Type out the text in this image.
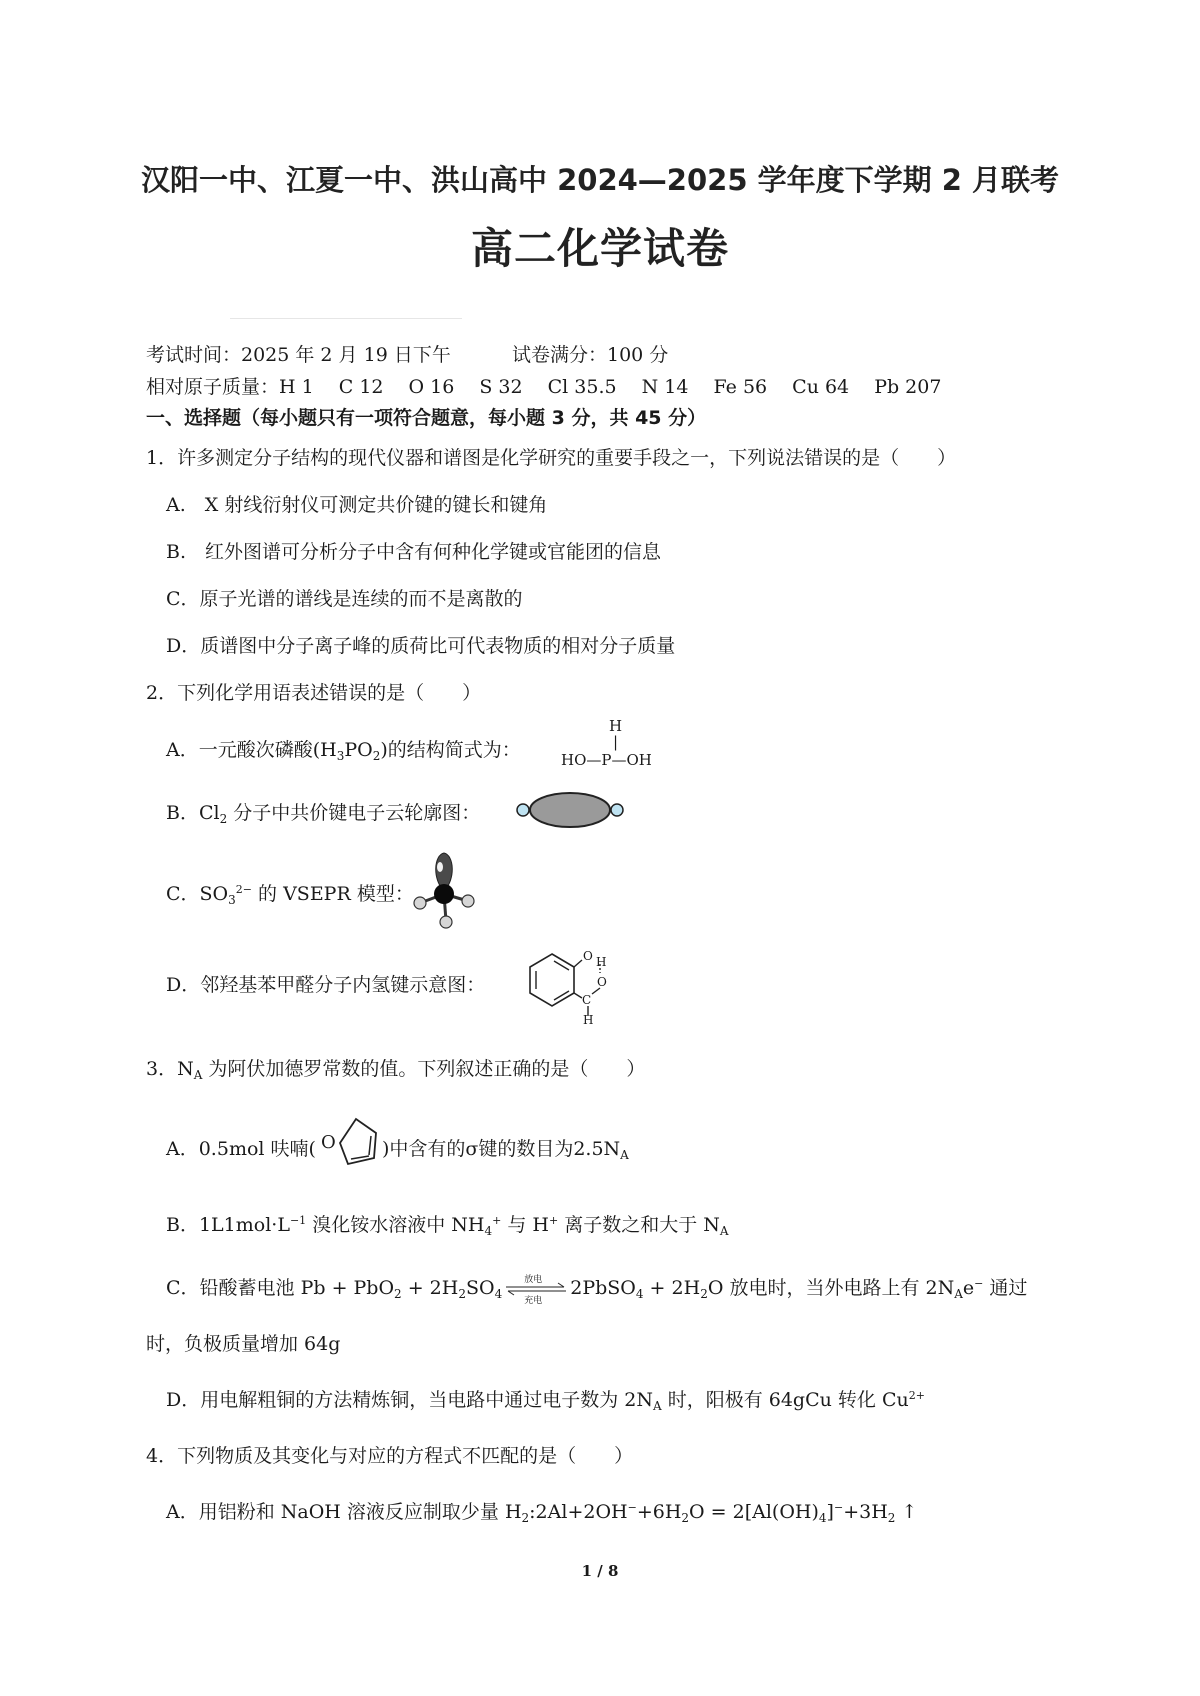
汉阳一中、江夏一中、洪山高中 2024—2025 学年度下学期 2 月联考
高二化学试卷
考试时间：2025 年 2 月 19 日下午	试卷满分：100 分
相对原子质量：H 1　 C 12　 O 16　 S 32　 Cl 35.5　 N 14　 Fe 56　 Cu 64　 Pb 207
一、选择题（每小题只有一项符合题意，每小题 3 分，共 45 分）
1．许多测定分子结构的现代仪器和谱图是化学研究的重要手段之一，下列说法错误的是（　　）
A.　X 射线衍射仪可测定共价键的键长和键角
B.　红外图谱可分析分子中含有何种化学键或官能团的信息
C．原子光谱的谱线是连续的而不是离散的
D．质谱图中分子离子峰的质荷比可代表物质的相对分子质量
2．下列化学用语表述错误的是（　　）
A．一元酸次磷酸$(H_3PO_2)$的结构简式为：
H
|
HO—P—OH
B．$Cl_2$ 分子中共价键电子云轮廓图：
C．$SO_3^{2-}$ 的 VSEPR 模型：
D．邻羟基苯甲醛分子内氢键示意图：
O H
O
C
H
3．$N_A$ 为阿伏加德罗常数的值。下列叙述正确的是（　　）
A．0.5mol 呋喃(	)中含有的σ键的数目为$2.5N_A$
O
B．$1L1mol\cdot L^{-1}$ 溴化铵水溶液中 $NH_4^+$ 与 H+ 离子数之和大于 $N_A$
C．铅酸蓄电池 $Pb + PbO_2 + 2H_2SO_4$
放电
充电
2PbSO$_4$ + $2H_2O$ 放电时，当外电路上有 $2N_Ae^-$ 通过
时，负极质量增加 64g
D．用电解粗铜的方法精炼铜，当电路中通过电子数为 $2N_A$ 时，阳极有 64gCu 转化 $Cu^{2+}$
4．下列物质及其变化与对应的方程式不匹配的是（　　）
A．用铝粉和 NaOH 溶液反应制取少量 $H_2:2Al+2OH^-+6H_2O = 2[Al(OH)_4]^-+3H_2$ ↑
1 / 8
